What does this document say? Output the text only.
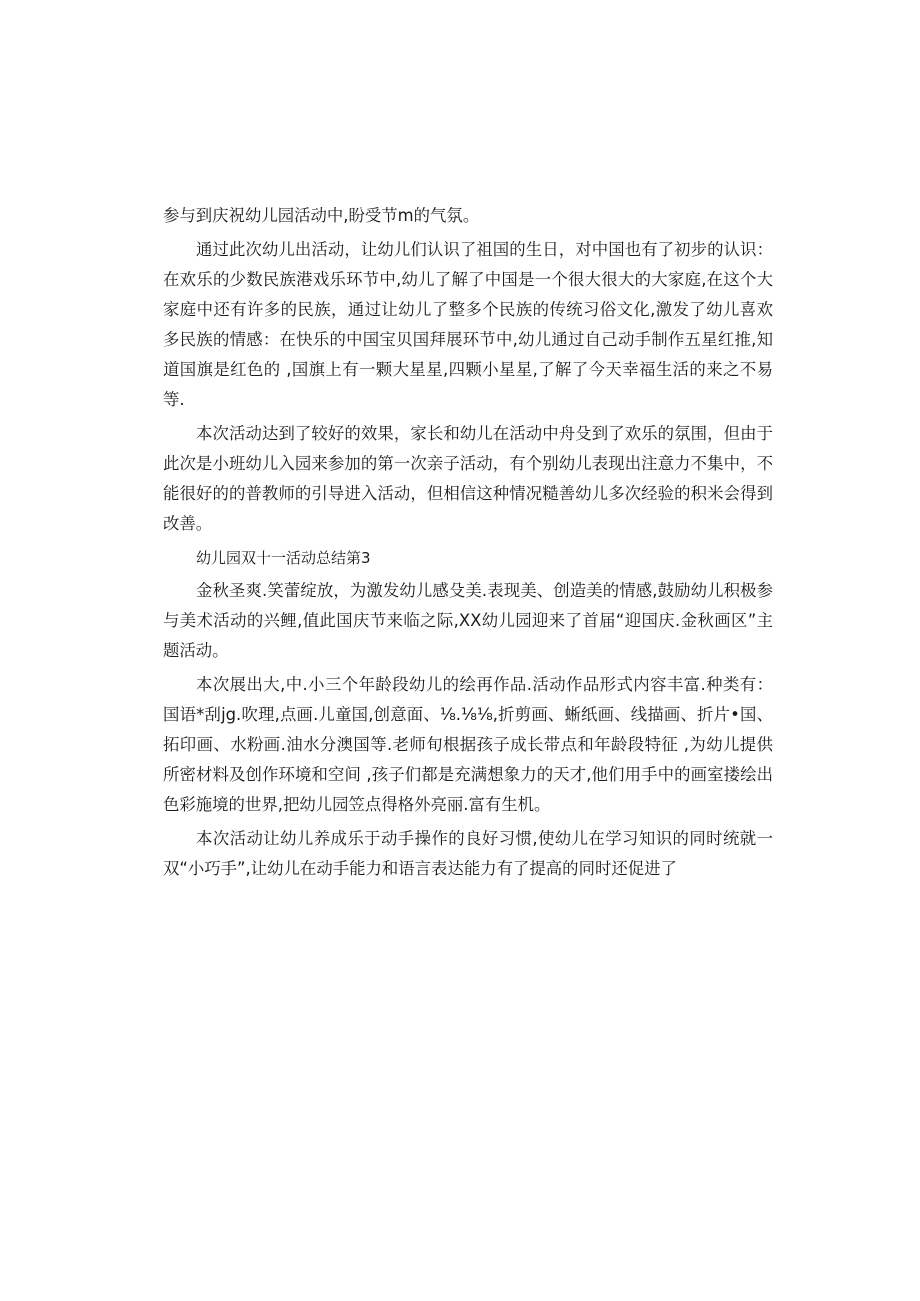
参与到庆祝幼儿园活动中,盼受节m的气氛。

通过此次幼儿出活动，让幼儿们认识了祖国的生日，对中国也有了初步的认识：在欢乐的少数民族港戏乐环节中,幼儿了解了中国是一个很大很大的大家庭,在这个大家庭中还有许多的民族，通过让幼儿了整多个民族的传统习俗文化,激发了幼儿喜欢多民族的情感：在快乐的中国宝贝国拜展环节中,幼儿通过自己动手制作五星红推,知道国旗是红色的 ,国旗上有一颗大星星,四颗小星星,了解了今天幸福生活的来之不易等.

本次活动达到了较好的效果，家长和幼儿在活动中舟殳到了欢乐的氛围，但由于此次是小班幼儿入园来参加的第一次亲子活动，有个别幼儿表现出注意力不集中，不能很好的的普教师的引导进入活动，但相信这种情况糙善幼儿多次经验的积米会得到改善。

幼儿园双十一活动总结第3

金秋圣爽.笑蕾绽放，为激发幼儿感殳美.表现美、创造美的情感,鼓励幼儿积极参与美术活动的兴鲤,值此国庆节来临之际,XX幼儿园迎来了首届“迎国庆.金秋画区”主题活动。

本次展出大,中.小三个年龄段幼儿的绘再作品.活动作品形式内容丰富.种类有：国语*刮jg.吹理,点画.儿童国,创意面、⅛.⅛⅛,折剪画、蜥纸画、线描画、折片•国、拓印画、水粉画.油水分澳国等.老师旬根据孩子成长带点和年龄段特征 ,为幼儿提供所密材料及创作环境和空间 ,孩子们都是充满想象力的天才,他们用手中的画室搂绘出色彩施境的世界,把幼儿园笠点得格外亮丽.富有生机。

本次活动让幼儿养成乐于动手操作的良好习惯,使幼儿在学习知识的同时统就一双“小巧手”,让幼儿在动手能力和语言表达能力有了提高的同时还促进了
